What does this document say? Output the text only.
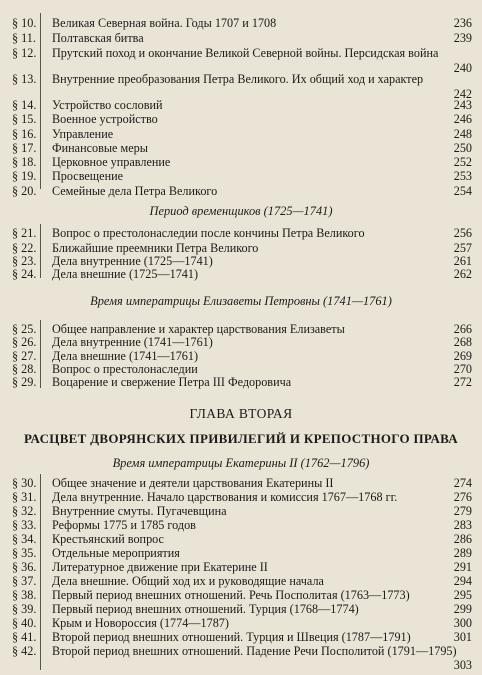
§ 10.	Великая Северная война. Годы 1707 и 1708	236
§ 11.	Полтавская битва	239
§ 12.	Прутский поход и окончание Великой Северной войны. Персидская война
240
§ 13.	Внутренние преобразования Петра Великого. Их общий ход и характер
242
§ 14.	Устройство сословий	243
§ 15.	Военное устройство	246
§ 16.	Управление	248
§ 17.	Финансовые меры	250
§ 18.	Церковное управление	252
§ 19.	Просвещение	253
§ 20.	Семейные дела Петра Великого	254
Период временщиков (1725—1741)
§ 21.	Вопрос о престолонаследии после кончины Петра Великого	256
§ 22.	Ближайшие преемники Петра Великого	257
§ 23.	Дела внутренние (1725—1741)	261
§ 24.	Дела внешние (1725—1741)	262
Время императрицы Елизаветы Петровны (1741—1761)
§ 25.	Общее направление и характер царствования Елизаветы	266
§ 26.	Дела внутренние (1741—1761)	268
§ 27.	Дела внешние (1741—1761)	269
§ 28.	Вопрос о престолонаследии	270
§ 29.	Воцарение и свержение Петра III Федоровича	272
ГЛАВА ВТОРАЯ
РАСЦВЕТ ДВОРЯНСКИХ ПРИВИЛЕГИЙ И КРЕПОСТНОГО ПРАВА
Время императрицы Екатерины II (1762—1796)
§ 30.	Общее значение и деятели царствования Екатерины II	274
§ 31.	Дела внутренние. Начало царствования и комиссия 1767—1768 гг.	276
§ 32.	Внутренние смуты. Пугачевщина	279
§ 33.	Реформы 1775 и 1785 годов	283
§ 34.	Крестьянский вопрос	286
§ 35.	Отдельные мероприятия	289
§ 36.	Литературное движение при Екатерине II	291
§ 37.	Дела внешние. Общий ход их и руководящие начала	294
§ 38.	Первый период внешних отношений. Речь Посполитая (1763—1773)	295
§ 39.	Первый период внешних отношений. Турция (1768—1774)	299
§ 40.	Крым и Новороссия (1774—1787)	300
§ 41.	Второй период внешних отношений. Турция и Швеция (1787—1791)	301
§ 42.	Второй период внешних отношений. Падение Речи Посполитой (1791—1795)
303
